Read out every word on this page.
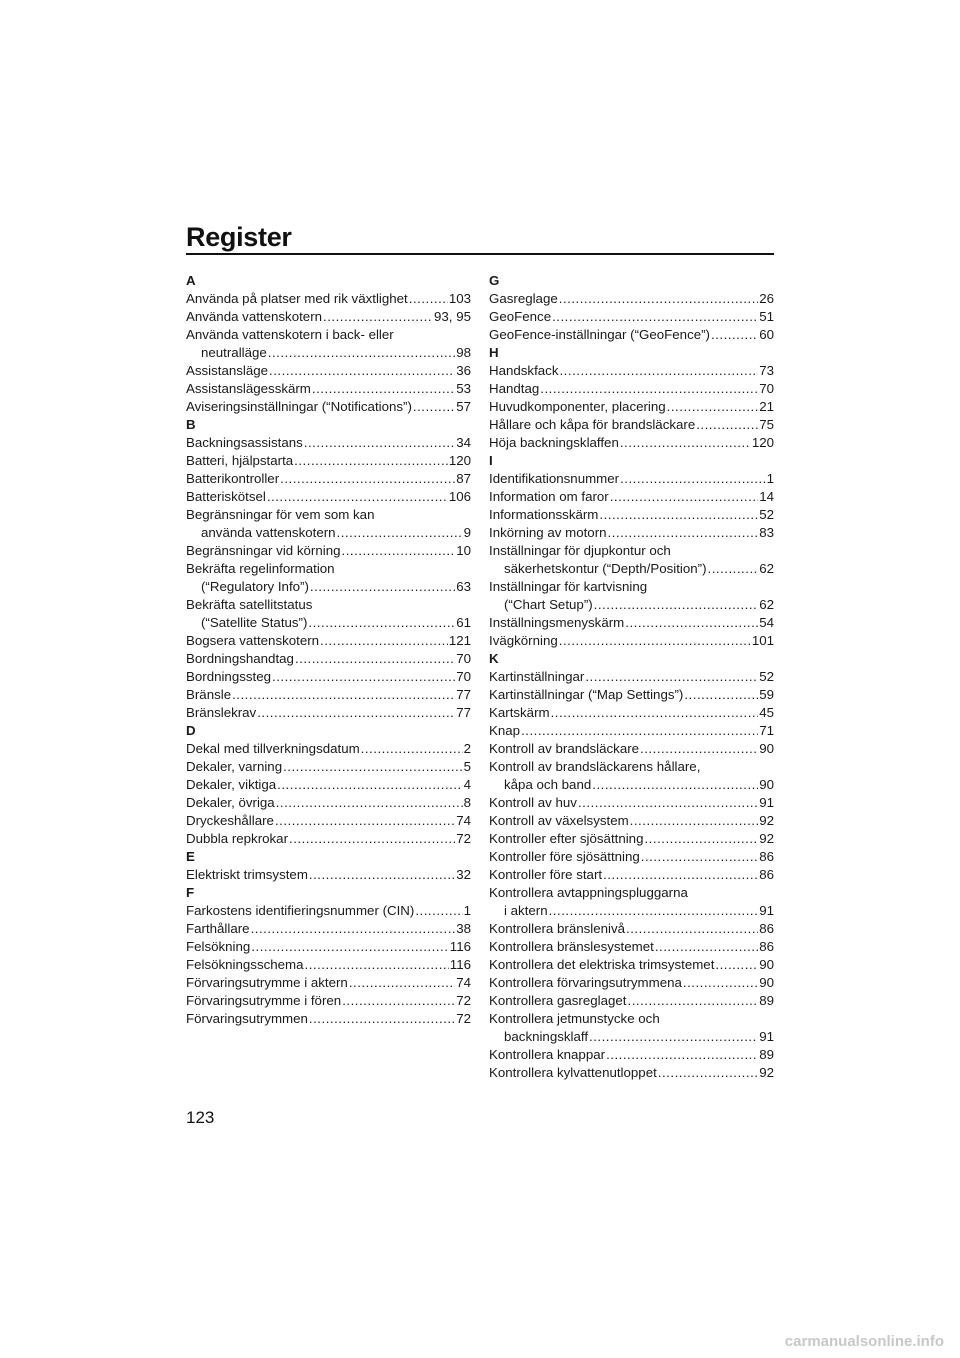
Register
A
Använda på platser med rik växtlighet .....	103
Använda vattenskotern .....	93, 95
Använda vattenskotern i back- eller
neutralläge .....	98
Assistansläge .....	36
Assistanslägesskärm .....	53
Aviseringsinställningar (“Notifications”) .....	57
B
Backningsassistans .....	34
Batteri, hjälpstarta .....	120
Batterikontroller .....	87
Batteriskötsel .....	106
Begränsningar för vem som kan
använda vattenskotern .....	9
Begränsningar vid körning .....	10
Bekräfta regelinformation
(“Regulatory Info”) .....	63
Bekräfta satellitstatus
(“Satellite Status”) .....	61
Bogsera vattenskotern .....	121
Bordningshandtag .....	70
Bordningssteg .....	70
Bränsle .....	77
Bränslekrav .....	77
D
Dekal med tillverkningsdatum .....	2
Dekaler, varning .....	5
Dekaler, viktiga .....	4
Dekaler, övriga .....	8
Dryckeshållare .....	74
Dubbla repkrokar .....	72
E
Elektriskt trimsystem .....	32
F
Farkostens identifieringsnummer (CIN) .....	1
Farthållare .....	38
Felsökning .....	116
Felsökningsschema .....	116
Förvaringsutrymme i aktern .....	74
Förvaringsutrymme i fören .....	72
Förvaringsutrymmen .....	72
G
Gasreglage .....	26
GeoFence .....	51
GeoFence-inställningar (“GeoFence”) .....	60
H
Handskfack .....	73
Handtag .....	70
Huvudkomponenter, placering .....	21
Hållare och kåpa för brandsläckare .....	75
Höja backningsklaffen .....	120
I
Identifikationsnummer .....	1
Information om faror .....	14
Informationsskärm .....	52
Inkörning av motorn .....	83
Inställningar för djupkontur och
säkerhetskontur (“Depth/Position”) .....	62
Inställningar för kartvisning
(“Chart Setup”) .....	62
Inställningsmenyskärm .....	54
Ivägkörning .....	101
K
Kartinställningar .....	52
Kartinställningar (“Map Settings”) .....	59
Kartskärm .....	45
Knap .....	71
Kontroll av brandsläckare .....	90
Kontroll av brandsläckarens hållare,
kåpa och band .....	90
Kontroll av huv .....	91
Kontroll av växelsystem .....	92
Kontroller efter sjösättning .....	92
Kontroller före sjösättning .....	86
Kontroller före start .....	86
Kontrollera avtappningspluggarna
i aktern .....	91
Kontrollera bränslenivå .....	86
Kontrollera bränslesystemet .....	86
Kontrollera det elektriska trimsystemet .....	90
Kontrollera förvaringsutrymmena .....	90
Kontrollera gasreglaget .....	89
Kontrollera jetmunstycke och
backningsklaff .....	91
Kontrollera knappar .....	89
Kontrollera kylvattenutloppet .....	92
123
carmanualsonline.info
